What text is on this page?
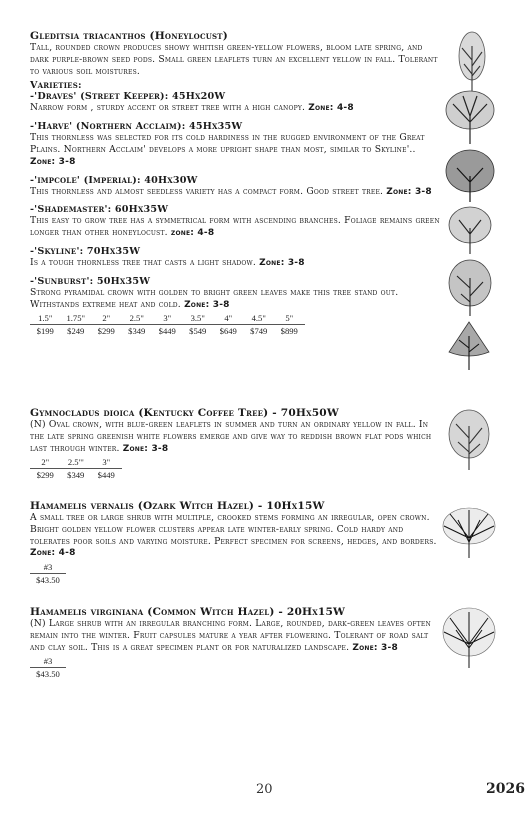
Gleditsia triacanthos (Honeylocust)
Tall, rounded crown produces showy whitish green-yellow flowers, bloom late spring, and dark purple-brown seed pods. Small green leaflets turn an excellent yellow in fall. Tolerant to various soil moistures.
Varieties:
-'Draves' (Street Keeper): 45Hx20W
Narrow form , sturdy accent or street tree with a high canopy. Zone: 4-8
-'Harve' (Northern Acclaim): 45Hx35W
This thornless was selected for its cold hardiness in the rugged environment of the Great Plains. Northern Acclaim' develops a more upright shape than most, similar to Skyline'.. Zone: 3-8
-'impcole' (Imperial): 40Hx30W
This thornless and almost seedless variety has a compact form. Good street tree. Zone: 3-8
-'Shademaster': 60Hx35W
This easy to grow tree has a symmetrical form with ascending branches. Foliage remains green longer than other honeylocust. zone: 4-8
-'Skyline': 70Hx35W
Is a tough thornless tree that casts a light shadow. Zone: 3-8
-'Sunburst': 50Hx35W
Strong pyramidal crown with golden to bright green leaves make this tree stand out. Withstands extreme heat and cold. Zone: 3-8
1.5"	1.75"	2"	2.5"	3"	3.5"	4"	4.5"	5"
$199	$249	$299	$349	$449	$549	$649	$749	$899
Gymnocladus dioica (Kentucky Coffee Tree) - 70Hx50W
(N) Oval crown, with blue-green leaflets in summer and turn an ordinary yellow in fall. In the late spring greenish white flowers emerge and give way to reddish brown flat pods which last through winter. Zone: 3-8
2"	2.5"'	3"
$299	$349	$449
Hamamelis vernalis (Ozark Witch Hazel) - 10Hx15W
A small tree or large shrub with multiple, crooked stems forming an irregular, open crown. Bright golden yellow flower clusters appear late winter-early spring. Cold hardy and tolerates poor soils and varying moisture. Perfect specimen for screens, hedges, and borders. Zone: 4-8
#3
$43.50
Hamamelis virginiana (Common Witch Hazel) - 20Hx15W
(N) Large shrub with an irregular branching form. Large, rounded, dark-green leaves often remain into the winter. Fruit capsules mature a year after flowering. Tolerant of road salt and clay soil. This is a great specimen plant or for naturalized landscape. Zone: 3-8
#3
$43.50
20	2026
